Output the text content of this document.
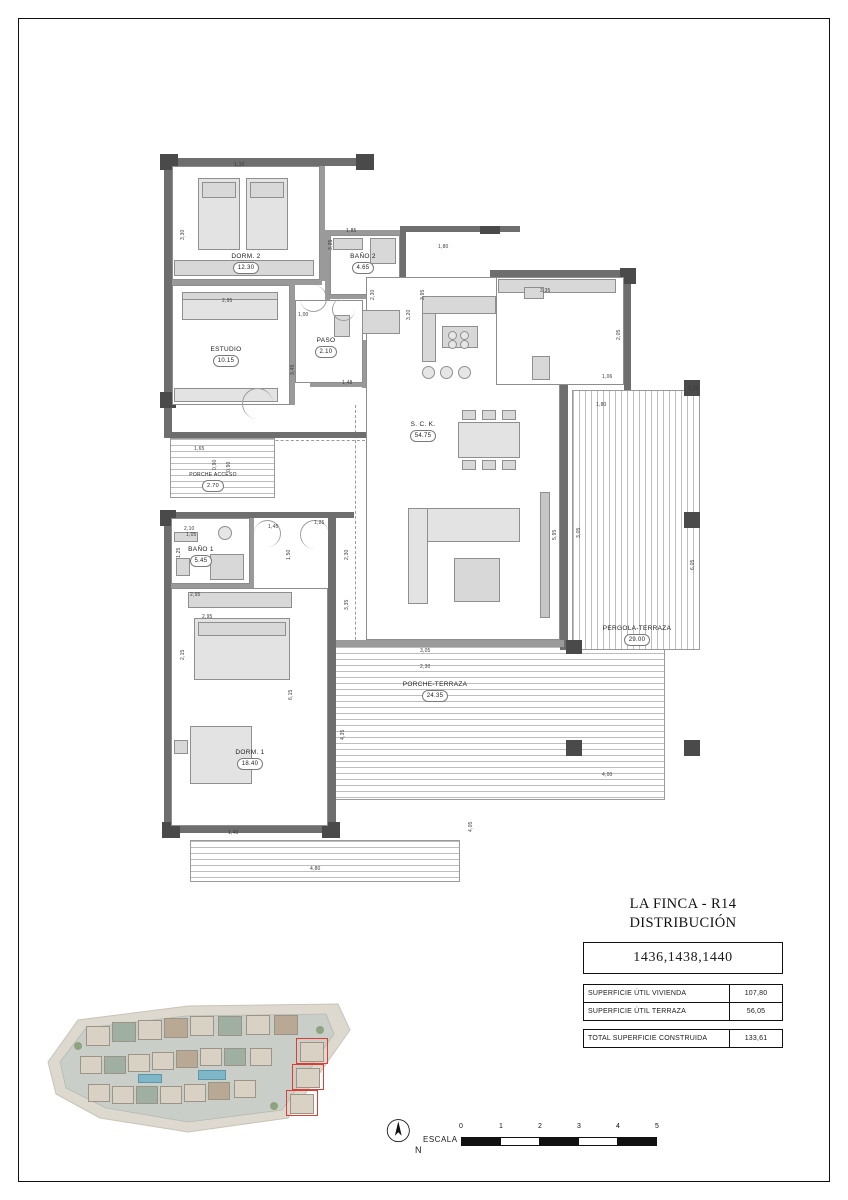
DORM. 2
12.30
ESTUDIO
10.15
BAÑO 2
4.65
PASO
2.10
S. C. K.
54.75
BAÑO 1
5.45
DORM. 1
18.40
PORCHE-TERRAZA
24.35
PERGOLA-TERRAZA
29.00
PORCHE ACCESO
2.70
1,10
3,30
3,25
1,85
1,80
3,35
2,95
1,00
3,45
2,30
3,20
1,48
2,05
1,06
1,20
1,80
1,65
0,90
1,25
1,45
1,05
1,50
1,25
2,95
2,30
2,95
2,15
3,35
5,95	3,05
6,05
6,15
4,35
3,05
2,30
4,00
4,80
1,40
3,95
2,10
0,90
4,05
LA FINCA - R14
DISTRIBUCIÓN
1436,1438,1440
SUPERFICIE ÚTIL VIVIENDA	107,80
SUPERFICIE ÚTIL TERRAZA	56,05
TOTAL SUPERFICIE CONSTRUIDA	133,61
N
ESCALA
0	1	2	3	4	5
